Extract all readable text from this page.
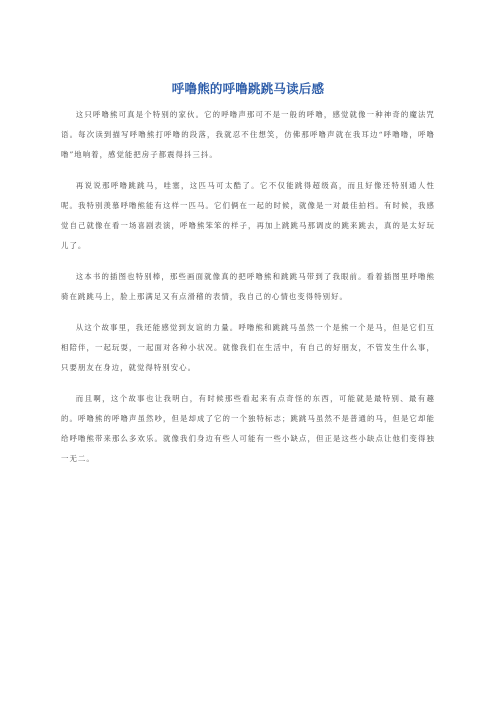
呼噜熊的呼噜跳跳马读后感

这只呼噜熊可真是个特别的家伙。它的呼噜声那可不是一般的呼噜，感觉就像一种神奇的魔法咒语。每次读到描写呼噜熊打呼噜的段落，我就忍不住想笑，仿佛那呼噜声就在我耳边“呼噜噜，呼噜噜”地响着，感觉能把房子都震得抖三抖。

再说说那呼噜跳跳马，哇塞，这匹马可太酷了。它不仅能跳得超级高，而且好像还特别通人性呢。我特别羡慕呼噜熊能有这样一匹马。它们俩在一起的时候，就像是一对最佳拍档。有时候，我感觉自己就像在看一场喜剧表演，呼噜熊笨笨的样子，再加上跳跳马那调皮的跳来跳去，真的是太好玩儿了。

这本书的插图也特别棒，那些画面就像真的把呼噜熊和跳跳马带到了我眼前。看着插图里呼噜熊骑在跳跳马上，脸上那满足又有点滑稽的表情，我自己的心情也变得特别好。

从这个故事里，我还能感觉到友谊的力量。呼噜熊和跳跳马虽然一个是熊一个是马，但是它们互相陪伴，一起玩耍，一起面对各种小状况。就像我们在生活中，有自己的好朋友，不管发生什么事，只要朋友在身边，就觉得特别安心。

而且啊，这个故事也让我明白，有时候那些看起来有点奇怪的东西，可能就是最特别、最有趣的。呼噜熊的呼噜声虽然吵，但是却成了它的一个独特标志；跳跳马虽然不是普通的马，但是它却能给呼噜熊带来那么多欢乐。就像我们身边有些人可能有一些小缺点，但正是这些小缺点让他们变得独一无二。
